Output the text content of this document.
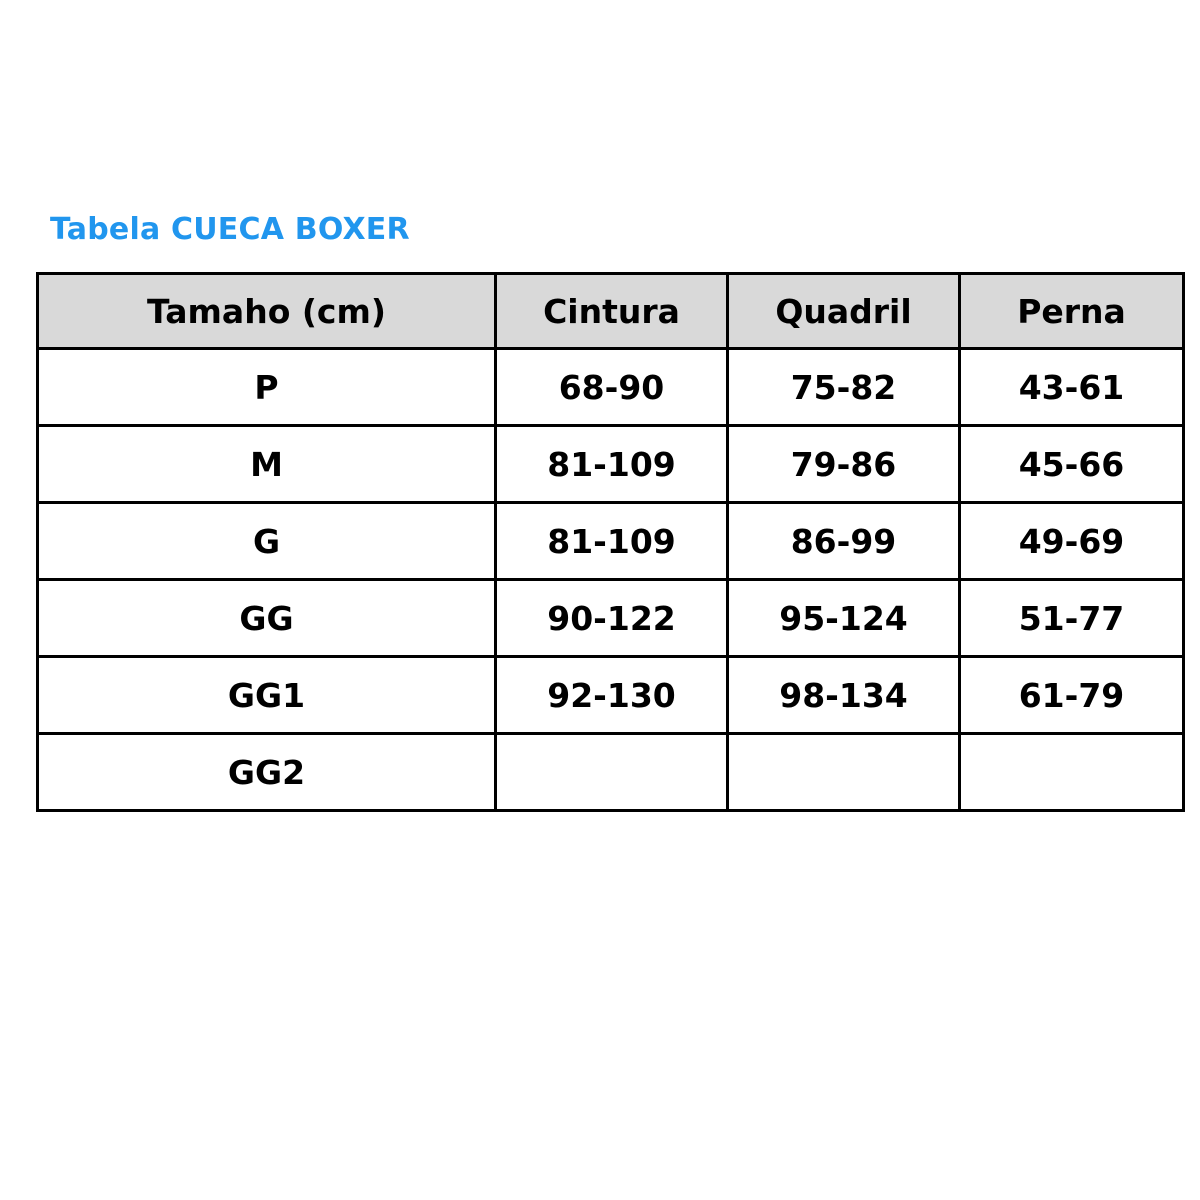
Tabela CUECA BOXER
Tamaho (cm)	Cintura	Quadril	Perna
P	68-90	75-82	43-61
M	81-109	79-86	45-66
G	81-109	86-99	49-69
GG	90-122	95-124	51-77
GG1	92-130	98-134	61-79
GG2			
